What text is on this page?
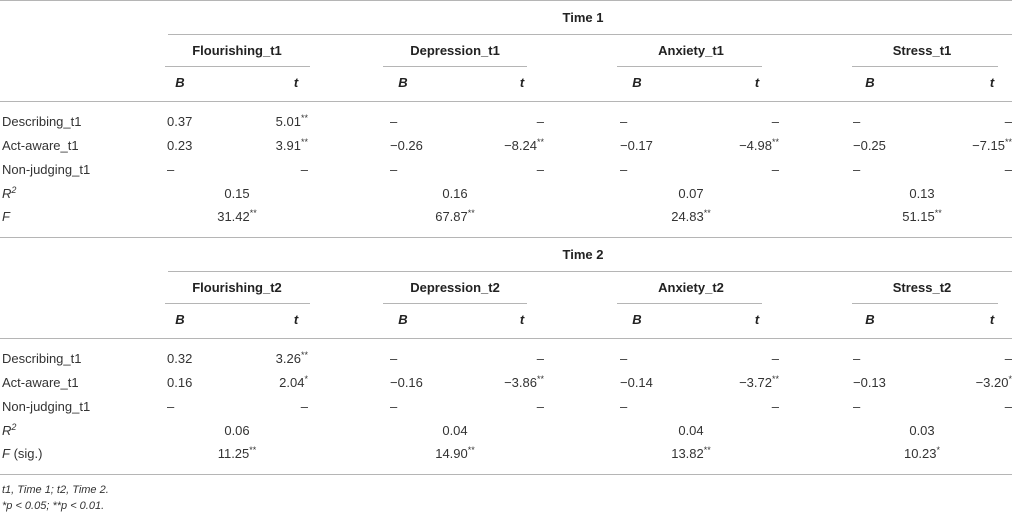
Time 1
Flourishing_t1
B	t
Depression_t1
B	t
Anxiety_t1
B	t
Stress_t1
B	t
Describing_t1	0.37	5.01**	–	–	–	–	–	–
Act-aware_t1	0.23	3.91**	−0.26	−8.24**	−0.17	−4.98**	−0.25	−7.15**
Non-judging_t1	–	–	–	–	–	–	–	–
$R^2$	0.15	0.16	0.07	0.13
F	31.42**	67.87**	24.83**	51.15**
Time 2
Flourishing_t2
B	t
Depression_t2
B	t
Anxiety_t2
B	t
Stress_t2
B	t
Describing_t1	0.32	3.26**	–	–	–	–	–	–
Act-aware_t1	0.16	2.04*	−0.16	−3.86**	−0.14	−3.72**	−0.13	−3.20*
Non-judging_t1	–	–	–	–	–	–	–	–
$R^2$	0.06	0.04	0.04	0.03
F (sig.)	11.25**	14.90**	13.82**	10.23*
t1, Time 1; t2, Time 2.
*p < 0.05; **p < 0.01.
